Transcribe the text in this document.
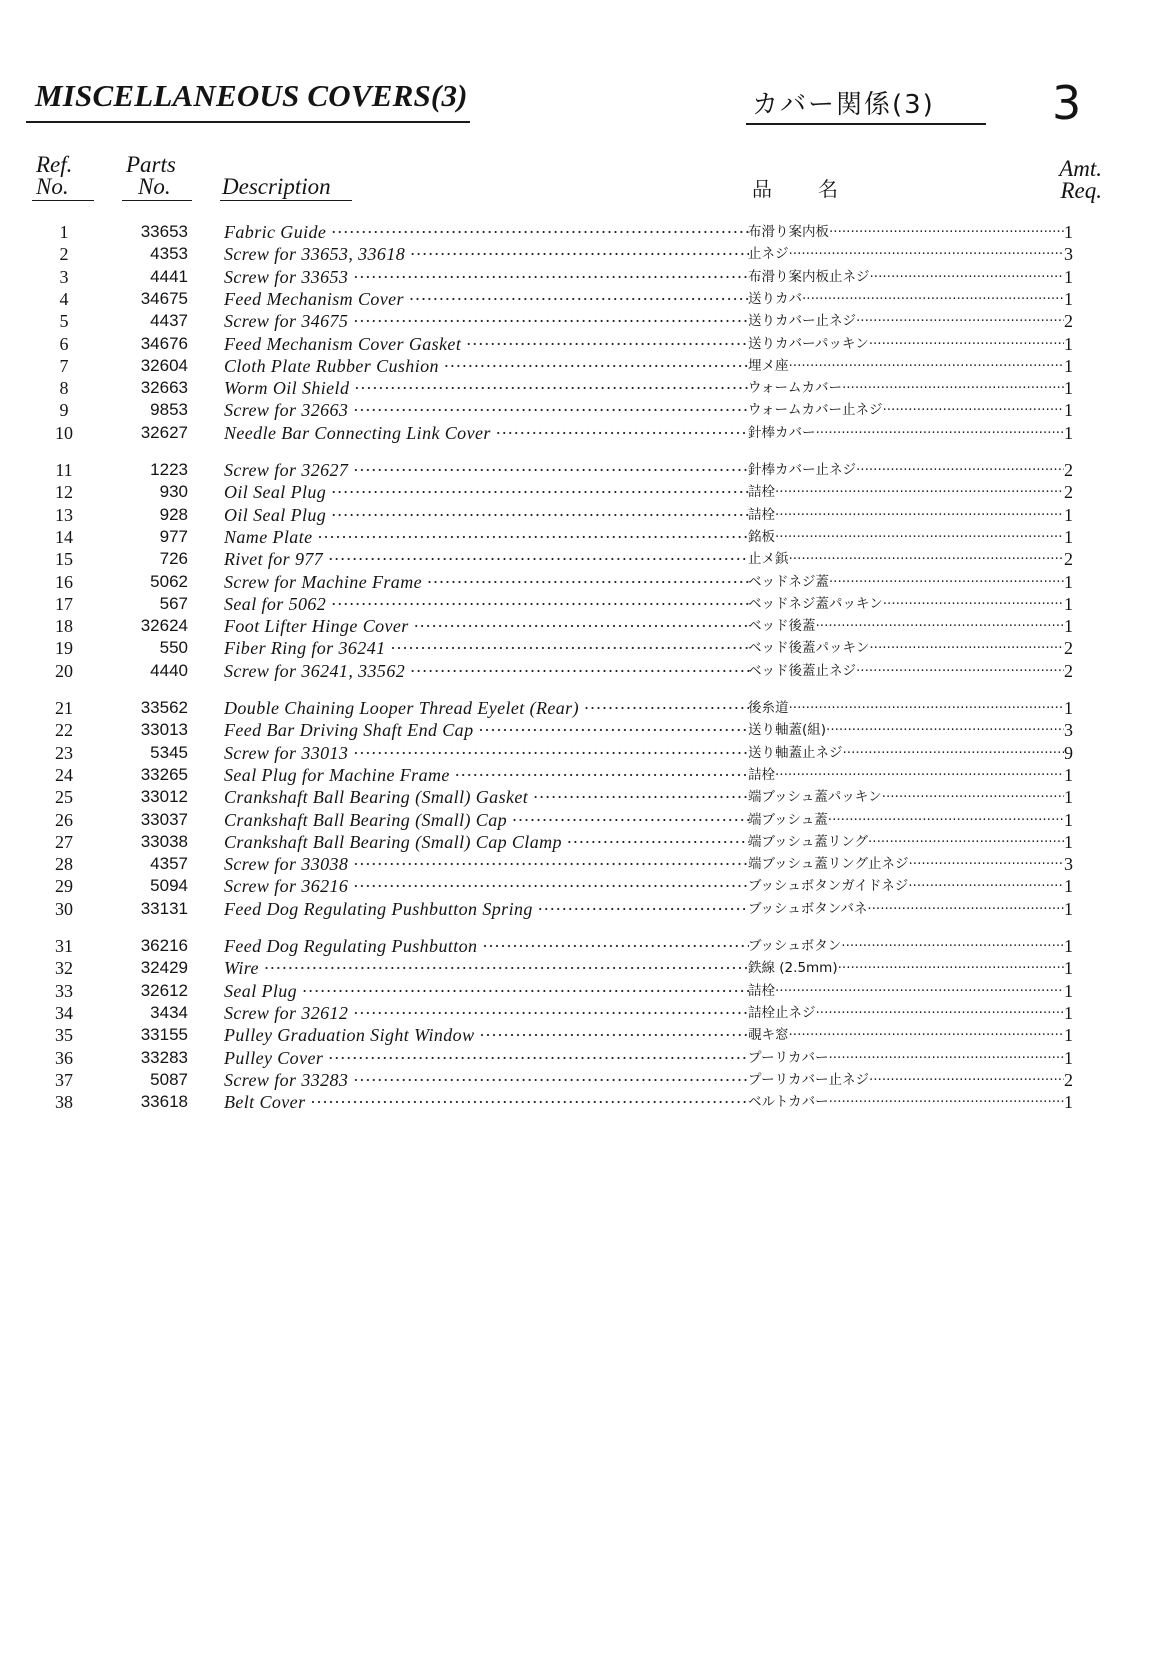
MISCELLANEOUS COVERS(3)	カバー関係(3)	3
Ref.
No.
Parts
No. Description	品　　名
Amt.
Req.
1	33653 Fabric Guide ·····	布滑り案内板 ·····	1
2	4353 Screw for 33653, 33618 ·····	止ネジ ·····	3
3	4441 Screw for 33653 ·····	布滑り案内板止ネジ ·····	1
4	34675 Feed Mechanism Cover ·····	送りカバ ·····	1
5	4437 Screw for 34675 ·····	送りカバー止ネジ ·····	2
6	34676 Feed Mechanism Cover Gasket ·····	送りカバーパッキン ·····	1
7	32604 Cloth Plate Rubber Cushion ·····	埋メ座 ·····	1
8	32663 Worm Oil Shield ·····	ウォームカバー ·····	1
9	9853 Screw for 32663 ·····	ウォームカバー止ネジ ·····	1
10	32627 Needle Bar Connecting Link Cover ·····	針棒カバー ·····	1
11	1223 Screw for 32627 ·····	針棒カバー止ネジ ·····	2
12	930 Oil Seal Plug ·····	詰栓 ·····	2
13	928 Oil Seal Plug ·····	詰栓 ·····	1
14	977 Name Plate ·····	銘板 ·····	1
15	726 Rivet for 977 ·····	止メ鋲 ·····	2
16	5062 Screw for Machine Frame ·····	ベッドネジ蓋 ·····	1
17	567 Seal for 5062 ·····	ベッドネジ蓋パッキン ·····	1
18	32624 Foot Lifter Hinge Cover ·····	ベッド後蓋 ·····	1
19	550 Fiber Ring for 36241 ·····	ベッド後蓋パッキン ·····	2
20	4440 Screw for 36241, 33562 ·····	ベッド後蓋止ネジ ·····	2
21	33562 Double Chaining Looper Thread Eyelet (Rear) ·····	後糸道 ·····	1
22	33013 Feed Bar Driving Shaft End Cap ·····	送り軸蓋(組) ·····	3
23	5345 Screw for 33013 ·····	送り軸蓋止ネジ ·····	9
24	33265 Seal Plug for Machine Frame ·····	詰栓 ·····	1
25	33012 Crankshaft Ball Bearing (Small) Gasket ·····	端ブッシュ蓋パッキン ·····	1
26	33037 Crankshaft Ball Bearing (Small) Cap ·····	端ブッシュ蓋 ·····	1
27	33038 Crankshaft Ball Bearing (Small) Cap Clamp ·····	端ブッシュ蓋リング ·····	1
28	4357 Screw for 33038 ·····	端ブッシュ蓋リング止ネジ ·····	3
29	5094 Screw for 36216 ·····	ブッシュボタンガイドネジ ·····	1
30	33131 Feed Dog Regulating Pushbutton Spring ·····	ブッシュボタンバネ ·····	1
31	36216 Feed Dog Regulating Pushbutton ·····	ブッシュボタン ·····	1
32	32429 Wire ·····	鉄線 (2.5mm) ·····	1
33	32612 Seal Plug ·····	詰栓 ·····	1
34	3434 Screw for 32612 ·····	詰栓止ネジ ·····	1
35	33155 Pulley Graduation Sight Window ·····	覗キ窓 ·····	1
36	33283 Pulley Cover ·····	プーリカバー ·····	1
37	5087 Screw for 33283 ·····	プーリカバー止ネジ ·····	2
38	33618 Belt Cover ·····	ベルトカバー ·····	1
